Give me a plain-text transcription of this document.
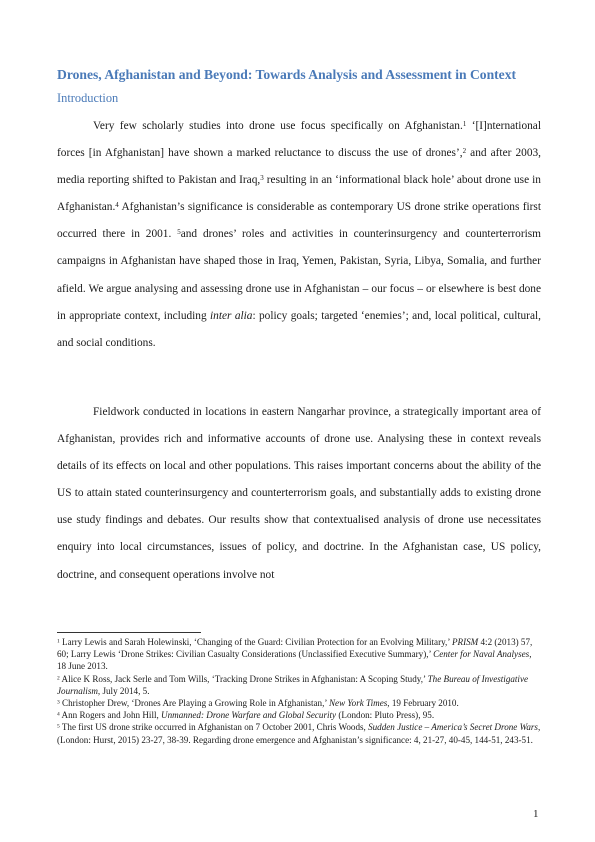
Drones, Afghanistan and Beyond: Towards Analysis and Assessment in Context
Introduction

Very few scholarly studies into drone use focus specifically on Afghanistan.$^1$ ‘[I]nternational forces [in Afghanistan] have shown a marked reluctance to discuss the use of drones’,$^2$ and after 2003, media reporting shifted to Pakistan and Iraq,$^3$ resulting in an ‘informational black hole’ about drone use in Afghanistan.$^4$ Afghanistan’s significance is considerable as contemporary US drone strike operations first occurred there in 2001. $^5$and drones’ roles and activities in counterinsurgency and counterterrorism campaigns in Afghanistan have shaped those in Iraq, Yemen, Pakistan, Syria, Libya, Somalia, and further afield. We argue analysing and assessing drone use in Afghanistan – our focus – or elsewhere is best done in appropriate context, including inter alia: policy goals; targeted ‘enemies’; and, local political, cultural, and social conditions.

Fieldwork conducted in locations in eastern Nangarhar province, a strategically important area of Afghanistan, provides rich and informative accounts of drone use. Analysing these in context reveals details of its effects on local and other populations. This raises important concerns about the ability of the US to attain stated counterinsurgency and counterterrorism goals, and substantially adds to existing drone use study findings and debates. Our results show that contextualised analysis of drone use necessitates enquiry into local circumstances, issues of policy, and doctrine. In the Afghanistan case, US policy, doctrine, and consequent operations involve not

$^1$ Larry Lewis and Sarah Holewinski, ‘Changing of the Guard: Civilian Protection for an Evolving Military,’ PRISM 4:2 (2013) 57, 60; Larry Lewis ‘Drone Strikes: Civilian Casualty Considerations (Unclassified Executive Summary),’ Center for Naval Analyses, 18 June 2013.

$^2$ Alice K Ross, Jack Serle and Tom Wills, ‘Tracking Drone Strikes in Afghanistan: A Scoping Study,’ The Bureau of Investigative Journalism, July 2014, 5.

$^3$ Christopher Drew, ‘Drones Are Playing a Growing Role in Afghanistan,’ New York Times, 19 February 2010.

$^4$ Ann Rogers and John Hill, Unmanned: Drone Warfare and Global Security (London: Pluto Press), 95.

$^5$ The first US drone strike occurred in Afghanistan on 7 October 2001, Chris Woods, Sudden Justice – America’s Secret Drone Wars, (London: Hurst, 2015) 23-27, 38-39. Regarding drone emergence and Afghanistan’s significance: 4, 21-27, 40-45, 144-51, 243-51.

1
